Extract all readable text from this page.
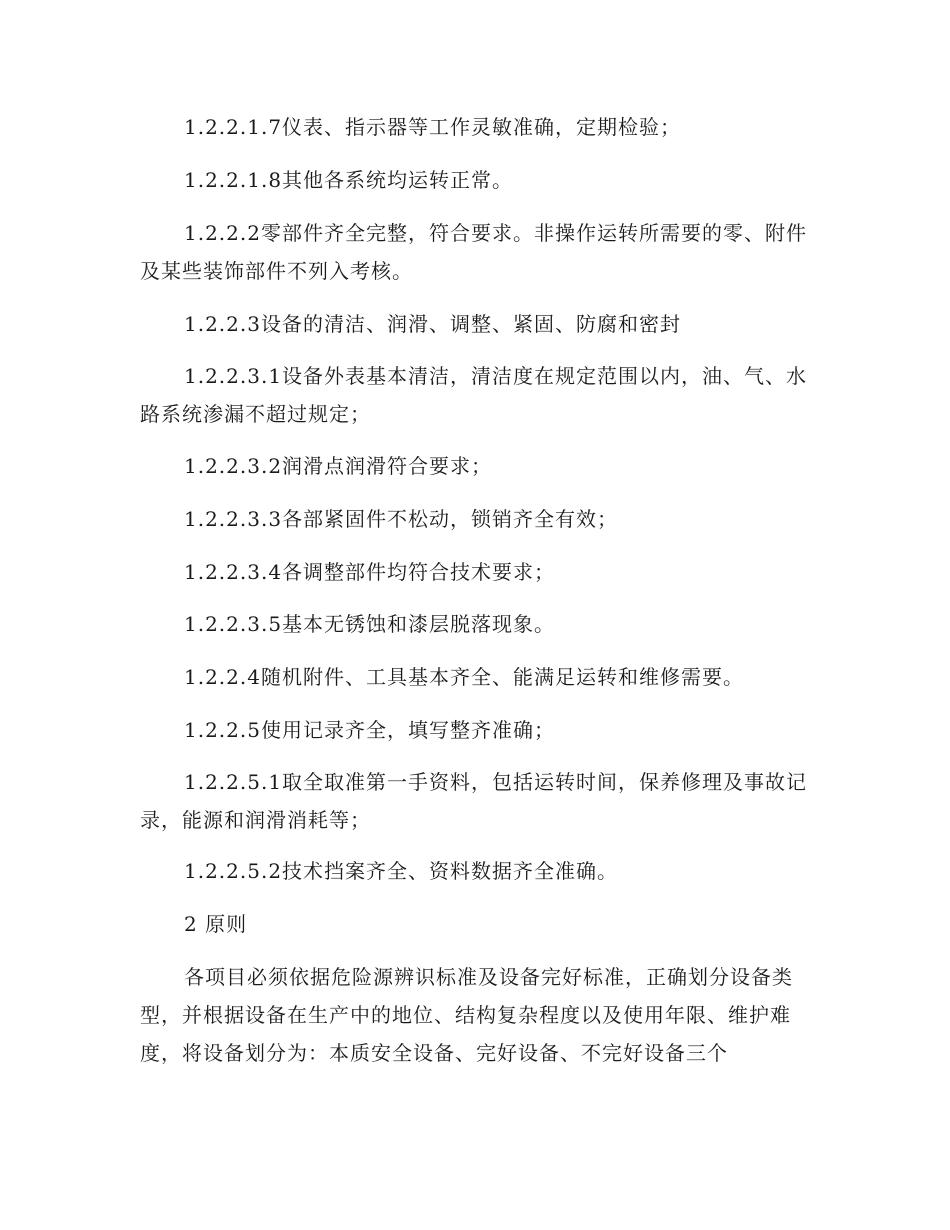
1.2.2.1.7仪表、指示器等工作灵敏准确，定期检验；

1.2.2.1.8其他各系统均运转正常。

1.2.2.2零部件齐全完整，符合要求。非操作运转所需要的零、附件及某些装饰部件不列入考核。

1.2.2.3设备的清洁、润滑、调整、紧固、防腐和密封

1.2.2.3.1设备外表基本清洁，清洁度在规定范围以内，油、气、水路系统渗漏不超过规定；

1.2.2.3.2润滑点润滑符合要求；

1.2.2.3.3各部紧固件不松动，锁销齐全有效；

1.2.2.3.4各调整部件均符合技术要求；

1.2.2.3.5基本无锈蚀和漆层脱落现象。

1.2.2.4随机附件、工具基本齐全、能满足运转和维修需要。

1.2.2.5使用记录齐全，填写整齐准确；

1.2.2.5.1取全取准第一手资料，包括运转时间，保养修理及事故记录，能源和润滑消耗等；

1.2.2.5.2技术挡案齐全、资料数据齐全准确。

2 原则

各项目必须依据危险源辨识标准及设备完好标准，正确划分设备类型，并根据设备在生产中的地位、结构复杂程度以及使用年限、维护难度，将设备划分为：本质安全设备、完好设备、不完好设备三个
